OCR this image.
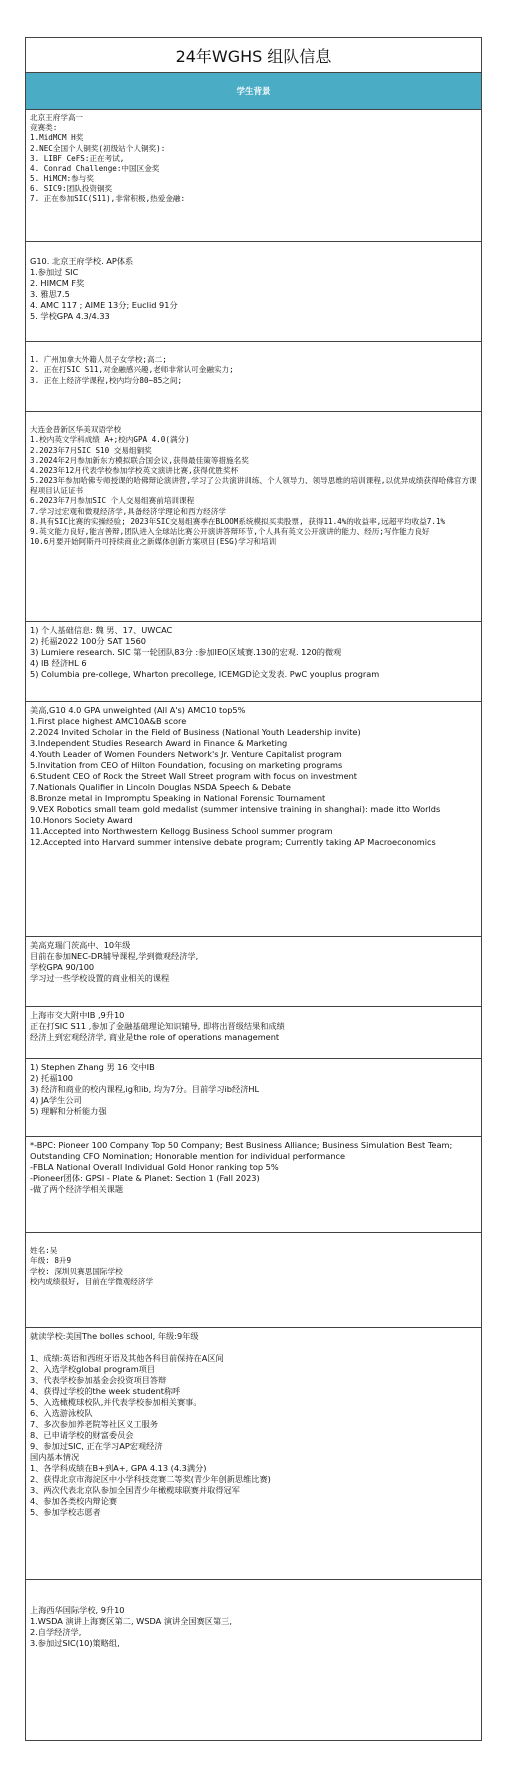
24年WGHS 组队信息
学生背景
北京王府学高一
竞赛类:
1.MidMCM H奖
2.NEC全国个人铜奖(初级站个人铜奖):
3. LIBF CeFS:正在考试,
4. Conrad Challenge:中国区金奖
5. HiMCM:参与奖
6. SIC9:团队投资铜奖
7. 正在参加SIC(S11),非常积极,热爱金融:

G10. 北京王府学校. AP体系
1.参加过 SIC
2. HIMCM F奖
3. 雅思7.5
4. AMC 117 ; AIME 13分; Euclid 91分
5. 学校GPA 4.3/4.33

1. 广州加拿大外籍人员子女学校;高二;
2. 正在打SIC S11,对金融感兴趣,老师非常认可金融实力;
3. 正在上经济学课程,校内均分80~85之间;

大连金普新区华美双语学校
1.校内英文学科成绩 A+;校内GPA 4.0(满分)
2.2023年7月SIC S10 交易组铜奖
3.2024年2月参加新东方模拟联合国会议,获得最佳策等措施名奖
4.2023年12月代表学校参加学校英文演讲比赛,获得优胜奖杯
5.2023年参加哈佛专师授课的哈佛辩论演讲营,学习了公共演讲训练、个人领导力、领导思维的培训课程,以优异成绩获得哈佛官方课程项目认证证书
6.2023年7月参加SIC 个人交易组赛前培训课程
7.学习过宏观和微观经济学,具备经济学理论和西方经济学
8.具有SIC比赛的实操经验; 2023年SIC交易组赛季在BLOOM系统模拟买卖股票, 获得11.4%的收益率,远超平均收益7.1%
9.英文能力良好,能言善辩,团队进入全球站比赛公开演讲答辩环节,个人具有英文公开演讲的能力、经历;写作能力良好
10.6月要开始阿斯丹可持续商业之新媒体创新方案项目(ESG)学习和培训
1) 个人基础信息: 魏 男、17、UWCAC
2) 托福2022 100分 SAT 1560
3) Lumiere research. SIC 第一轮团队83分 :参加IEO区域赛.130的宏观. 120的微观
4) IB 经济HL 6
5) Columbia pre-college, Wharton precollege, ICEMGD论文发表. PwC youplus program
美高,G10 4.0 GPA unweighted (All A's) AMC10 top5%
1.First place highest AMC10A&B score
2.2024 Invited Scholar in the Field of Business (National Youth Leadership invite)
3.Independent Studies Research Award in Finance & Marketing
4.Youth Leader of Women Founders Network's Jr. Venture Capitalist program
5.Invitation from CEO of Hilton Foundation, focusing on marketing programs
6.Student CEO of Rock the Street Wall Street program with focus on investment
7.Nationals Qualifier in Lincoln Douglas NSDA Speech & Debate
8.Bronze metal in Impromptu Speaking in National Forensic Tournament
9.VEX Robotics small team gold medalist (summer intensive training in shanghai): made itto Worlds
10.Honors Society Award
11.Accepted into Northwestern Kellogg Business School summer program
12.Accepted into Harvard summer intensive debate program; Currently taking AP Macroeconomics
美高克瑞门茨高中、10年级
目前在参加NEC-DR辅导课程,学到微观经济学,
学校GPA 90/100
学习过一些学校设置的商业相关的课程

上海市交大附中IB ,9升10
正在打SIC S11 ,参加了金融基础理论知识辅导, 即将出晋级结果和成绩
经济上到宏观经济学, 商业是the role of operations management
1) Stephen Zhang 男 16 交中IB
2) 托福100
3) 经济和商业的校内课程,ig和ib, 均为7分。目前学习ib经济HL
4) JA学生公司
5) 理解和分析能力强
*-BPC: Pioneer 100 Company Top 50 Company; Best Business Alliance; Business Simulation Best Team; Outstanding CFO Nomination; Honorable mention for individual performance
-FBLA National Overall Individual Gold Honor ranking top 5%
-Pioneer团体: GPSI - Plate & Planet: Section 1 (Fall 2023)
-做了两个经济学相关课题

姓名:吴
年级: 8升9
学校: 深圳贝赛思国际学校
校内成绩很好, 目前在学微观经济学
就读学校:美国The bolles school, 年级:9年级

1、成绩:英语和西班牙语及其他各科目前保持在A区间
2、入选学校global program项目
3、代表学校参加基金会投资项目答辩
4、获得过学校的the week student称呼
5、入选橄榄球校队,并代表学校参加相关赛事。
6、入选游泳校队
7、多次参加养老院等社区义工服务
8、已申请学校的财富委员会
9、参加过SIC, 正在学习AP宏观经济
国内基本情况
1、各学科成绩在B+到A+, GPA 4.13 (4.3满分)
2、获得北京市海淀区中小学科技竞赛二等奖(青少年创新思维比赛)
3、两次代表北京队参加全国青少年橄榄球联赛并取得冠军
4、参加各类校内辩论赛
5、参加学校志愿者

上海西华国际学校, 9升10
1.WSDA 演讲上海赛区第二, WSDA 演讲全国赛区第三,
2.自学经济学,
3.参加过SIC(10)策略组,
